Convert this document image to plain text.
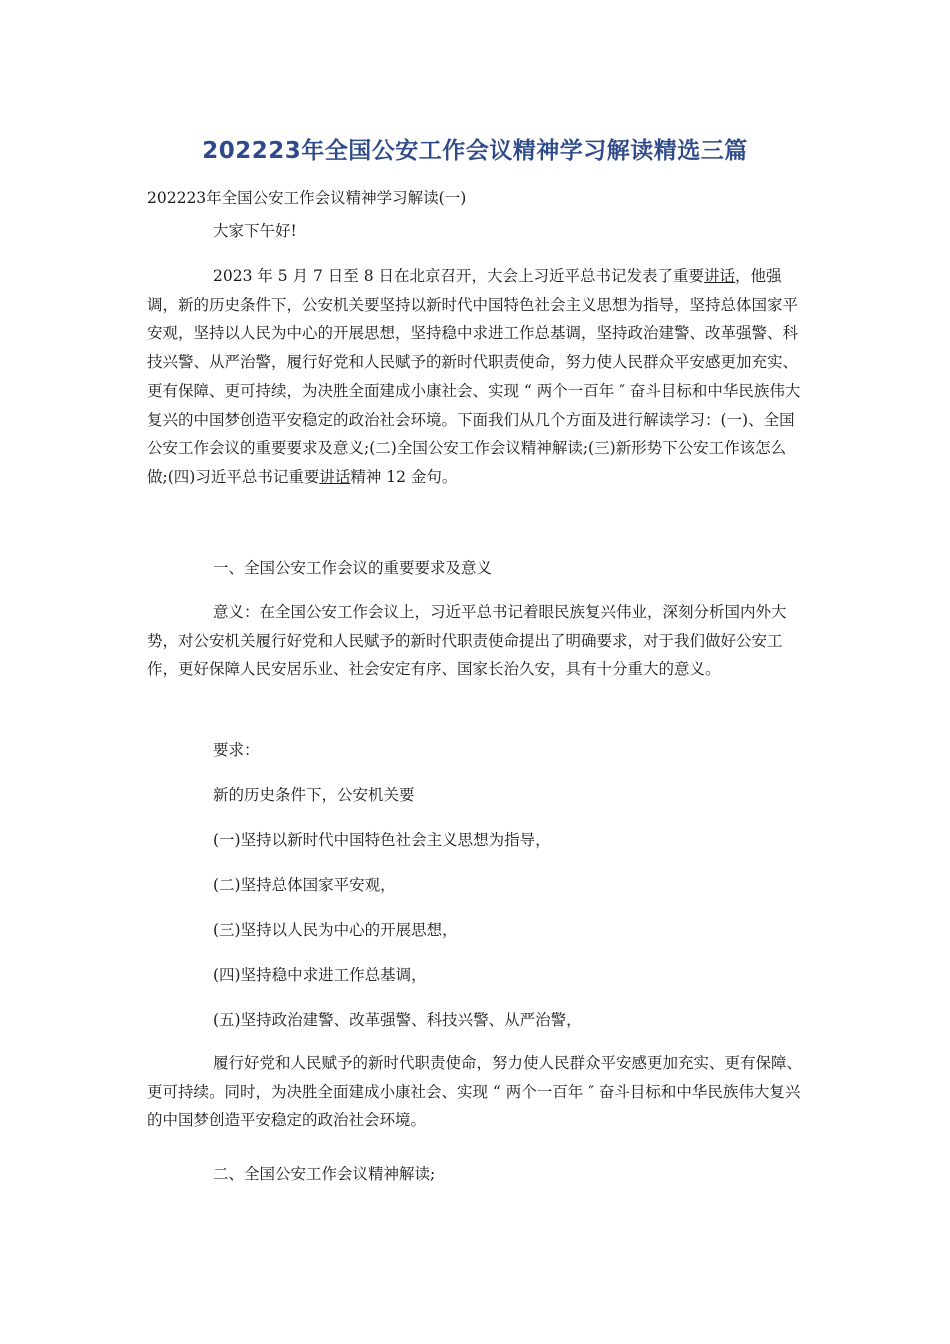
202223年全国公安工作会议精神学习解读精选三篇
202223年全国公安工作会议精神学习解读(一)
大家下午好!
2023 年 5 月 7 日至 8 日在北京召开，大会上习近平总书记发表了重要讲话，他强调，新的历史条件下，公安机关要坚持以新时代中国特色社会主义思想为指导，坚持总体国家平安观，坚持以人民为中心的开展思想，坚持稳中求进工作总基调，坚持政治建警、改革强警、科技兴警、从严治警，履行好党和人民赋予的新时代职责使命，努力使人民群众平安感更加充实、更有保障、更可持续，为决胜全面建成小康社会、实现 “ 两个一百年 ″ 奋斗目标和中华民族伟大复兴的中国梦创造平安稳定的政治社会环境。下面我们从几个方面及进行解读学习：(一)、全国公安工作会议的重要要求及意义;(二)全国公安工作会议精神解读;(三)新形势下公安工作该怎么做;(四)习近平总书记重要讲话精神 12 金句。
一、全国公安工作会议的重要要求及意义
意义：在全国公安工作会议上，习近平总书记着眼民族复兴伟业，深刻分析国内外大势，对公安机关履行好党和人民赋予的新时代职责使命提出了明确要求，对于我们做好公安工作，更好保障人民安居乐业、社会安定有序、国家长治久安，具有十分重大的意义。
要求：
新的历史条件下，公安机关要
(一)坚持以新时代中国特色社会主义思想为指导，
(二)坚持总体国家平安观，
(三)坚持以人民为中心的开展思想，
(四)坚持稳中求进工作总基调，
(五)坚持政治建警、改革强警、科技兴警、从严治警，
履行好党和人民赋予的新时代职责使命，努力使人民群众平安感更加充实、更有保障、更可持续。同时，为决胜全面建成小康社会、实现 “ 两个一百年 ″ 奋斗目标和中华民族伟大复兴的中国梦创造平安稳定的政治社会环境。
二、全国公安工作会议精神解读;
